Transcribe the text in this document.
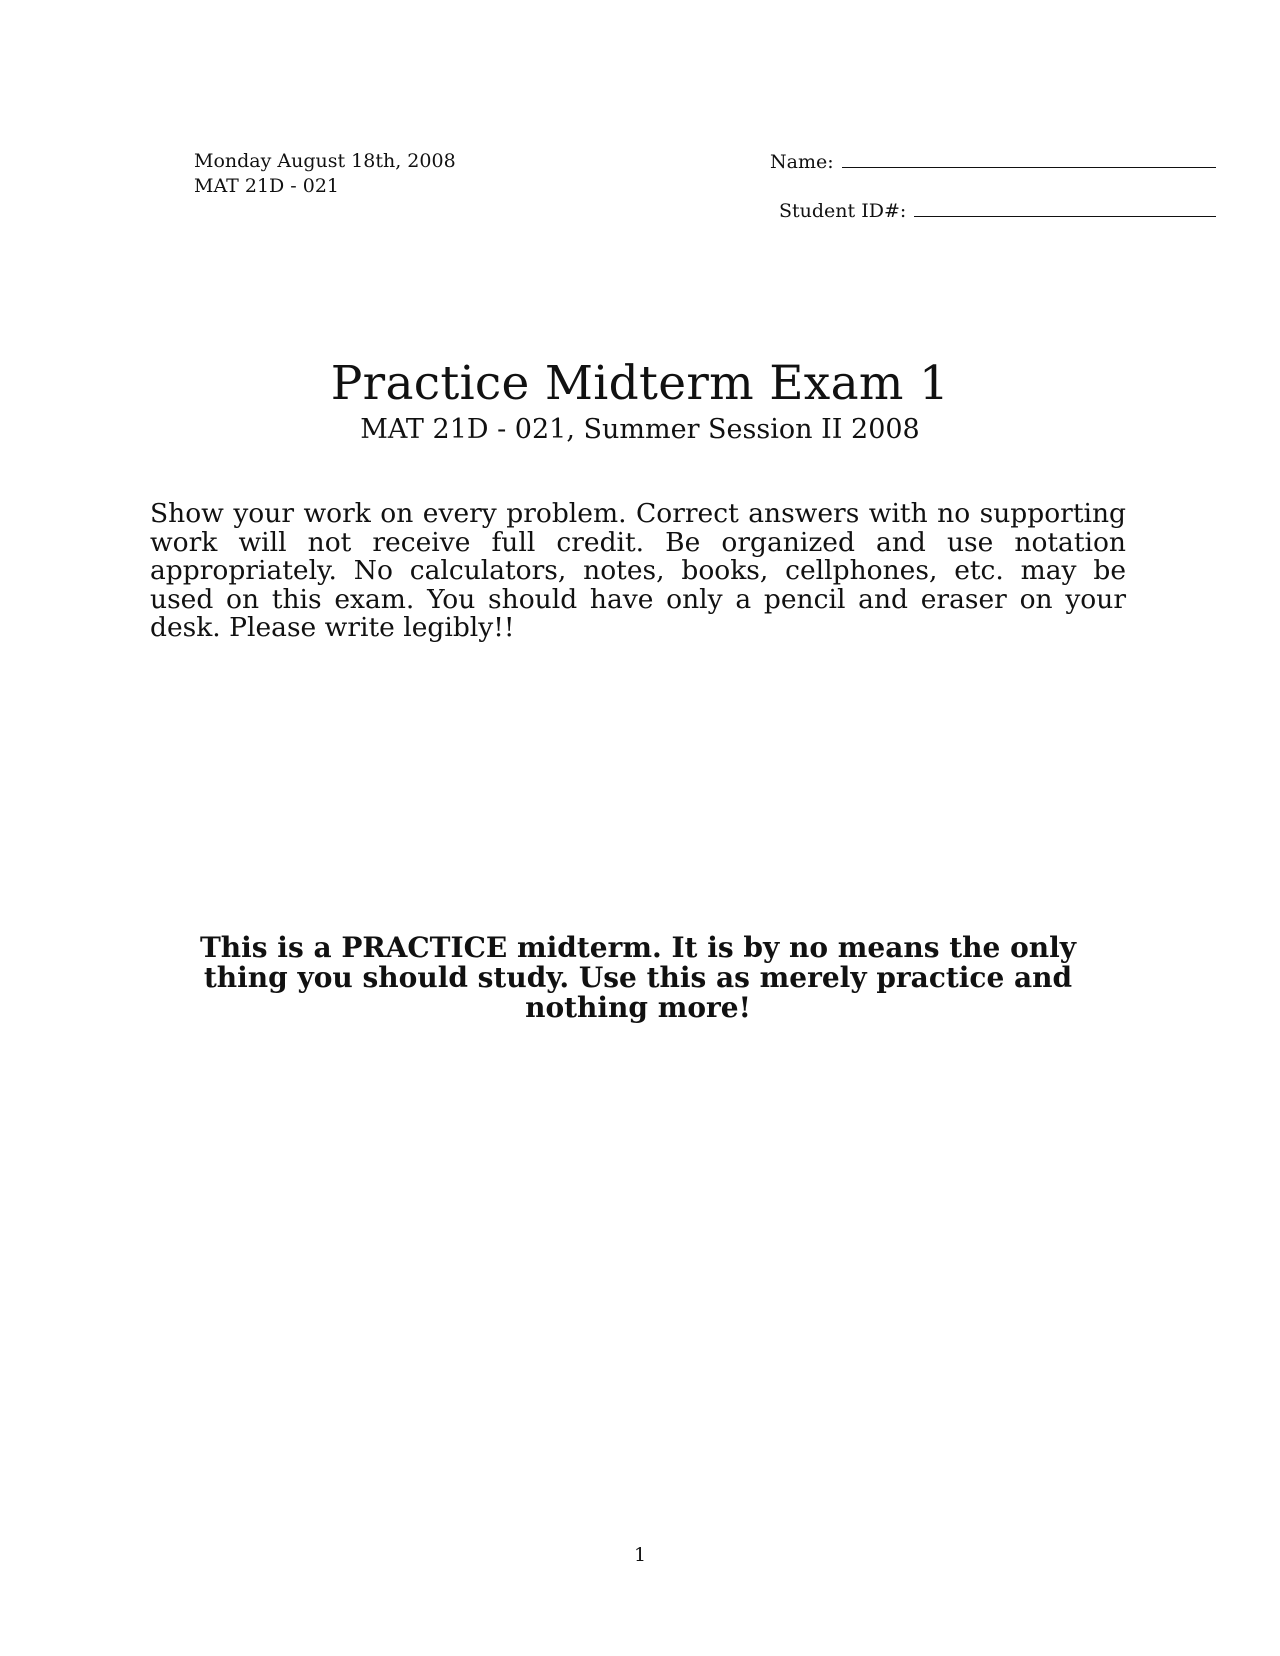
Monday August 18th, 2008
MAT 21D - 021
Name:
Student ID#:
Practice Midterm Exam 1
MAT 21D - 021, Summer Session II 2008
Show your work on every problem. Correct answers with no supporting work will not receive full credit. Be organized and use notation appropriately. No calculators, notes, books, cellphones, etc. may be used on this exam. You should have only a pencil and eraser on your desk. Please write legibly!!
This is a PRACTICE midterm. It is by no means the only thing you should study. Use this as merely practice and nothing more!
1
